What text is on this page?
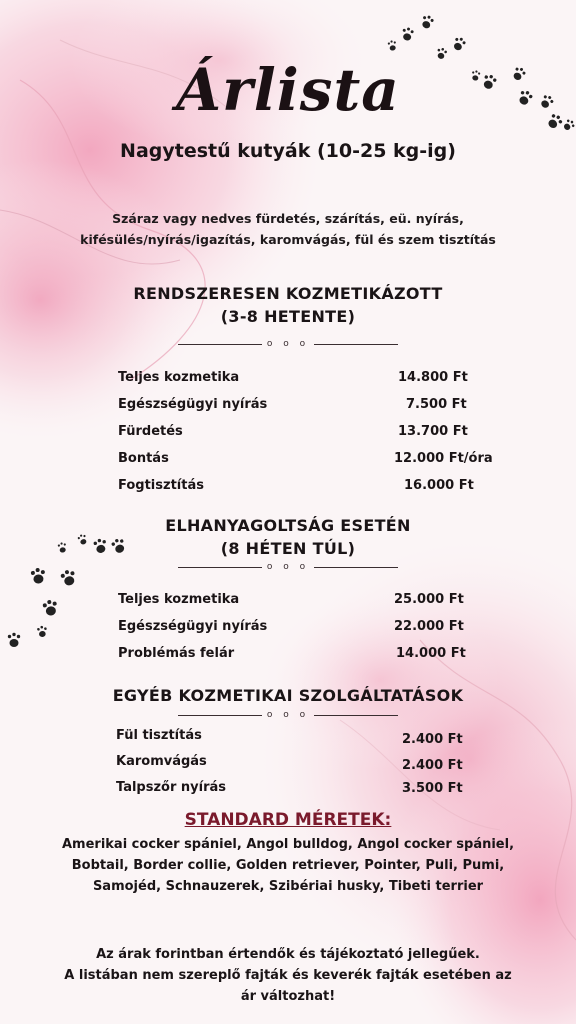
Árlista
Nagytestű kutyák (10-25 kg-ig)
Száraz vagy nedves fürdetés, szárítás, eü. nyírás,
kifésülés/nyírás/igazítás, karomvágás, fül és szem tisztítás
RENDSZERESEN KOZMETIKÁZOTT
(3-8 HETENTE)
o o o
Teljes kozmetika	14.800 Ft
Egészségügyi nyírás	7.500 Ft
Fürdetés	13.700 Ft
Bontás	12.000 Ft/óra
Fogtisztítás	16.000 Ft
ELHANYAGOLTSÁG ESETÉN
(8 HÉTEN TÚL)
o o o
Teljes kozmetika	25.000 Ft
Egészségügyi nyírás	22.000 Ft
Problémás felár	14.000 Ft
EGYÉB KOZMETIKAI SZOLGÁLTATÁSOK
o o o
Fül tisztítás	2.400 Ft
Karomvágás	2.400 Ft
Talpszőr nyírás	3.500 Ft
STANDARD MÉRETEK:
Amerikai cocker spániel, Angol bulldog, Angol cocker spániel,
Bobtail, Border collie, Golden retriever, Pointer, Puli, Pumi,
Samojéd, Schnauzerek, Szibériai husky, Tibeti terrier
Az árak forintban értendők és tájékoztató jellegűek.
A listában nem szereplő fajták és keverék fajták esetében az
ár változhat!
